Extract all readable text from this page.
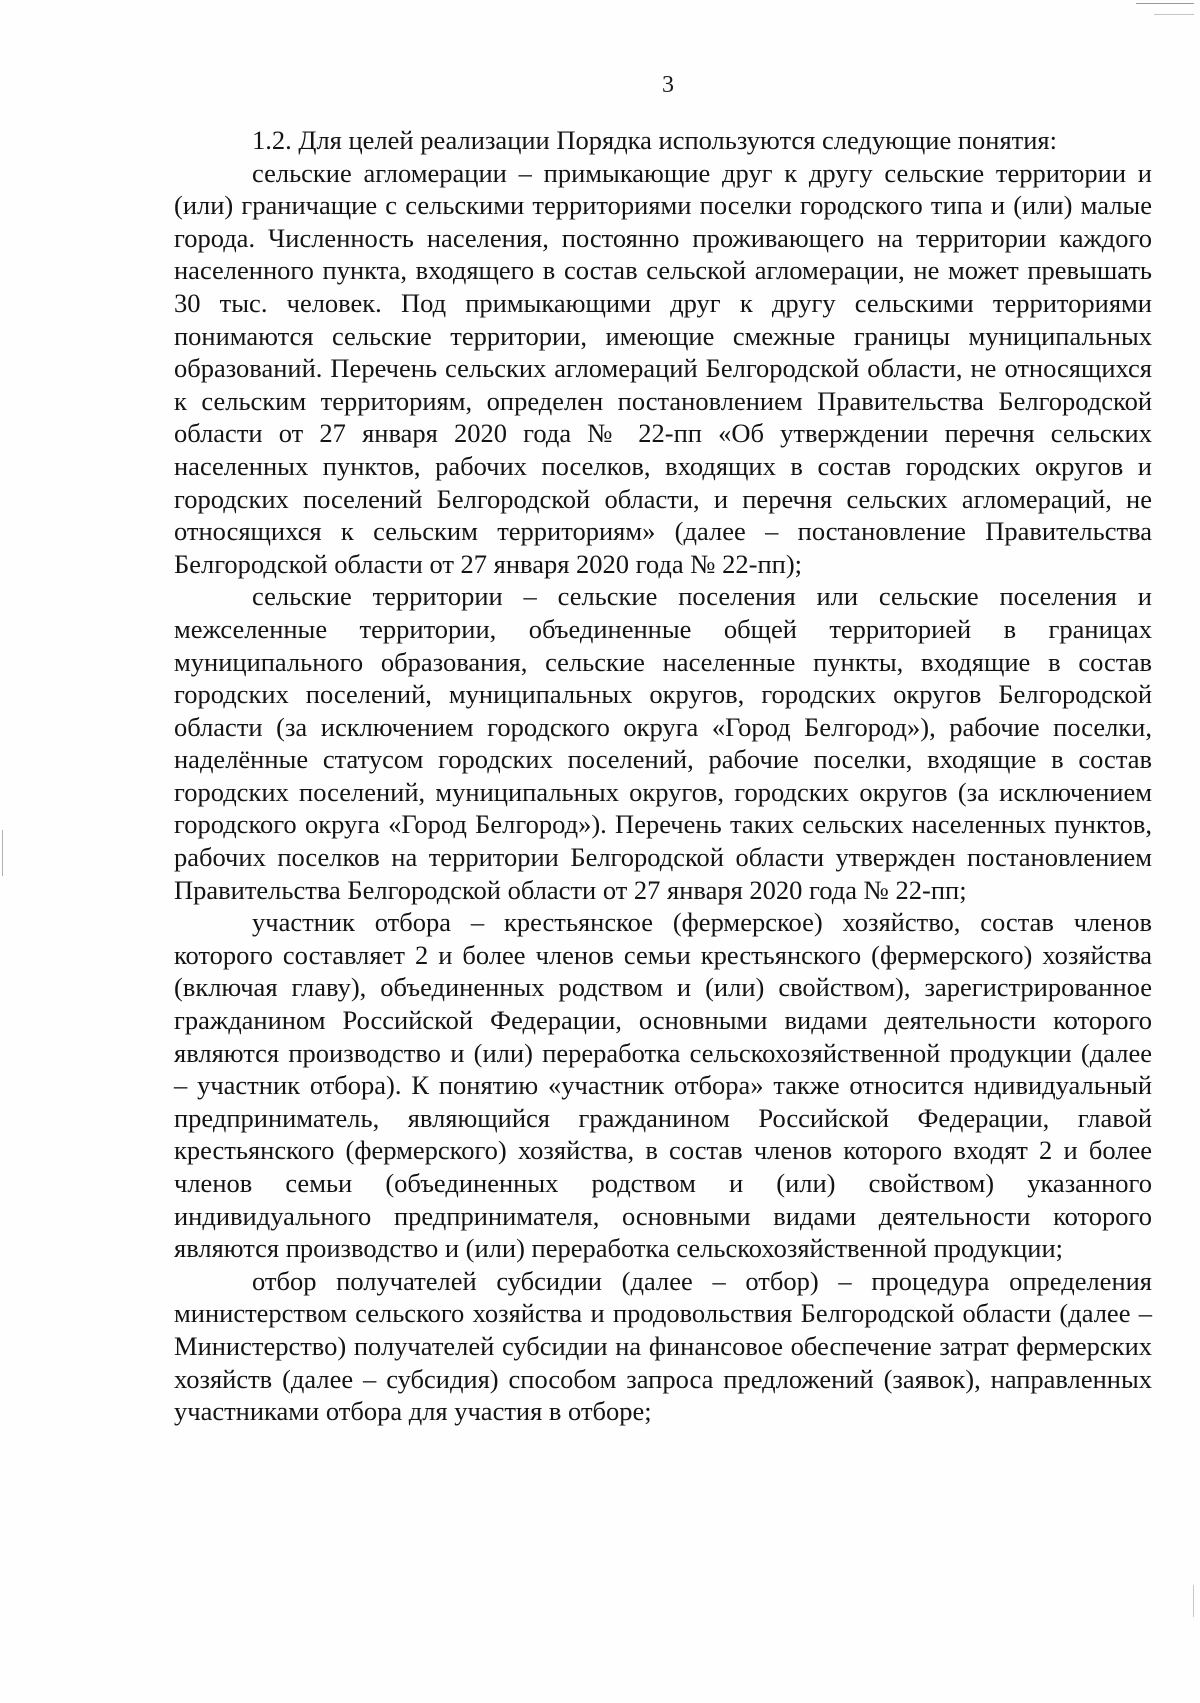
3

1.2. Для целей реализации Порядка используются следующие понятия:

сельские агломерации – примыкающие друг к другу сельские территории и (или) граничащие с сельскими территориями поселки городского типа и (или) малые города. Численность населения, постоянно проживающего на территории каждого населенного пункта, входящего в состав сельской агломерации, не может превышать 30 тыс. человек. Под примыкающими друг к другу сельскими территориями понимаются сельские территории, имеющие смежные границы муниципальных образований. Перечень сельских агломераций Белгородской области, не относящихся к сельским территориям, определен постановлением Правительства Белгородской области от 27 января 2020 года № 22-пп «Об утверждении перечня сельских населенных пунктов, рабочих поселков, входящих в состав городских округов и городских поселений Белгородской области, и перечня сельских агломераций, не относящихся к сельским территориям» (далее – постановление Правительства Белгородской области от 27 января 2020 года № 22-пп);

сельские территории – сельские поселения или сельские поселения и межселенные территории, объединенные общей территорией в границах муниципального образования, сельские населенные пункты, входящие в состав городских поселений, муниципальных округов, городских округов Белгородской области (за исключением городского округа «Город Белгород»), рабочие поселки, наделённые статусом городских поселений, рабочие поселки, входящие в состав городских поселений, муниципальных округов, городских округов (за исключением городского округа «Город Белгород»). Перечень таких сельских населенных пунктов, рабочих поселков на территории Белгородской области утвержден постановлением Правительства Белгородской области от 27 января 2020 года № 22-пп;

участник отбора – крестьянское (фермерское) хозяйство, состав членов которого составляет 2 и более членов семьи крестьянского (фермерского) хозяйства (включая главу), объединенных родством и (или) свойством), зарегистрированное гражданином Российской Федерации, основными видами деятельности которого являются производство и (или) переработка сельскохозяйственной продукции (далее – участник отбора). К понятию «участник отбора» также относится ндивидуальный предприниматель, являющийся гражданином Российской Федерации, главой крестьянского (фермерского) хозяйства, в состав членов которого входят 2 и более членов семьи (объединенных родством и (или) свойством) указанного индивидуального предпринимателя, основными видами деятельности которого являются производство и (или) переработка сельскохозяйственной продукции;

отбор получателей субсидии (далее – отбор) – процедура определения министерством сельского хозяйства и продовольствия Белгородской области (далее – Министерство) получателей субсидии на финансовое обеспечение затрат фермерских хозяйств (далее – субсидия) способом запроса предложений (заявок), направленных участниками отбора для участия в отборе;
